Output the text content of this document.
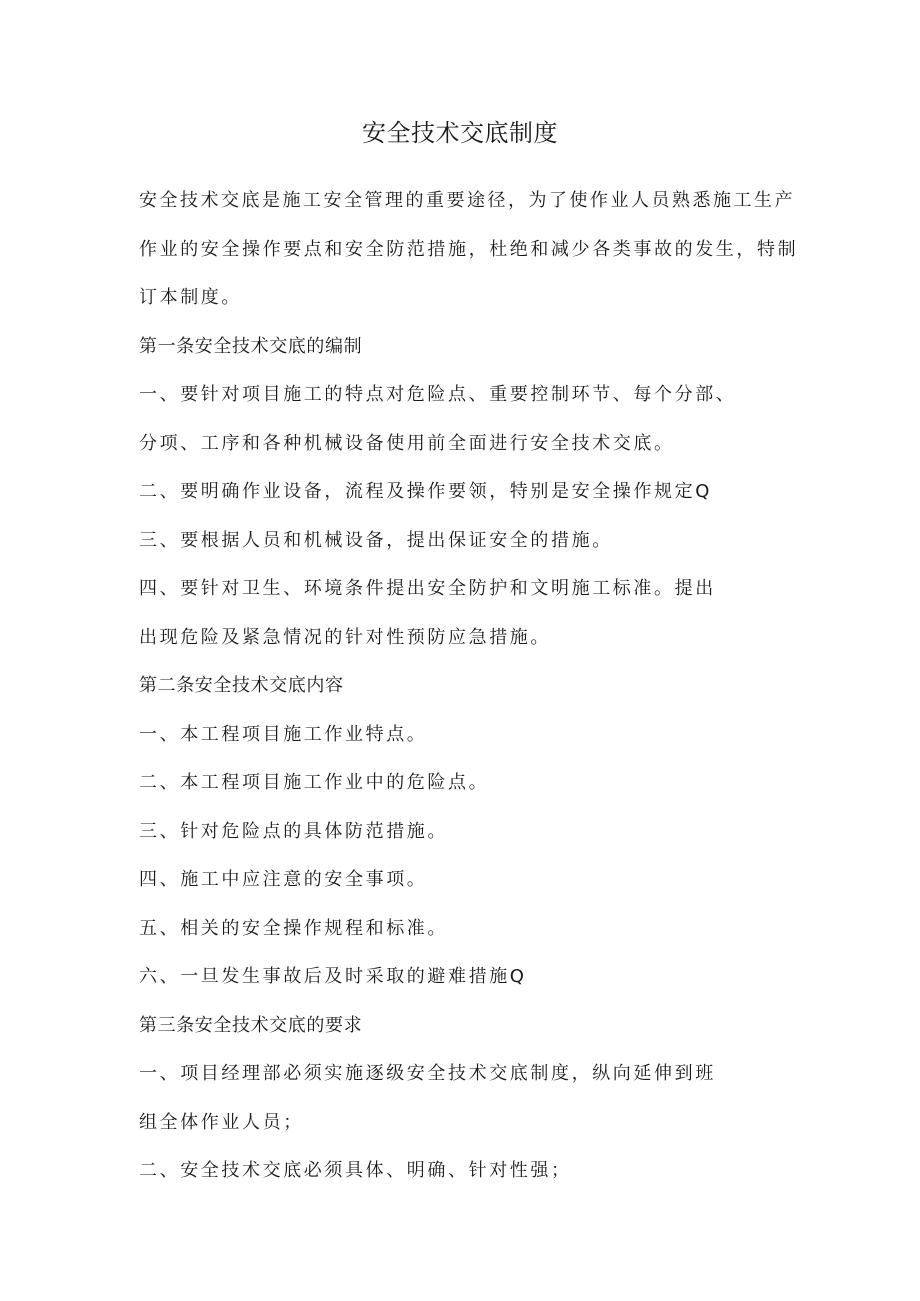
安全技术交底制度

安全技术交底是施工安全管理的重要途径，为了使作业人员熟悉施工生产

作业的安全操作要点和安全防范措施，杜绝和减少各类事故的发生，特制

订本制度。

第一条安全技术交底的编制

一、要针对项目施工的特点对危险点、重要控制环节、每个分部、

分项、工序和各种机械设备使用前全面进行安全技术交底。

二、要明确作业设备，流程及操作要领，特别是安全操作规定Q

三、要根据人员和机械设备，提出保证安全的措施。

四、要针对卫生、环境条件提出安全防护和文明施工标准。提出

出现危险及紧急情况的针对性预防应急措施。

第二条安全技术交底内容

一、本工程项目施工作业特点。

二、本工程项目施工作业中的危险点。

三、针对危险点的具体防范措施。

四、施工中应注意的安全事项。

五、相关的安全操作规程和标准。

六、一旦发生事故后及时采取的避难措施Q

第三条安全技术交底的要求

一、项目经理部必须实施逐级安全技术交底制度，纵向延伸到班

组全体作业人员；

二、安全技术交底必须具体、明确、针对性强；
